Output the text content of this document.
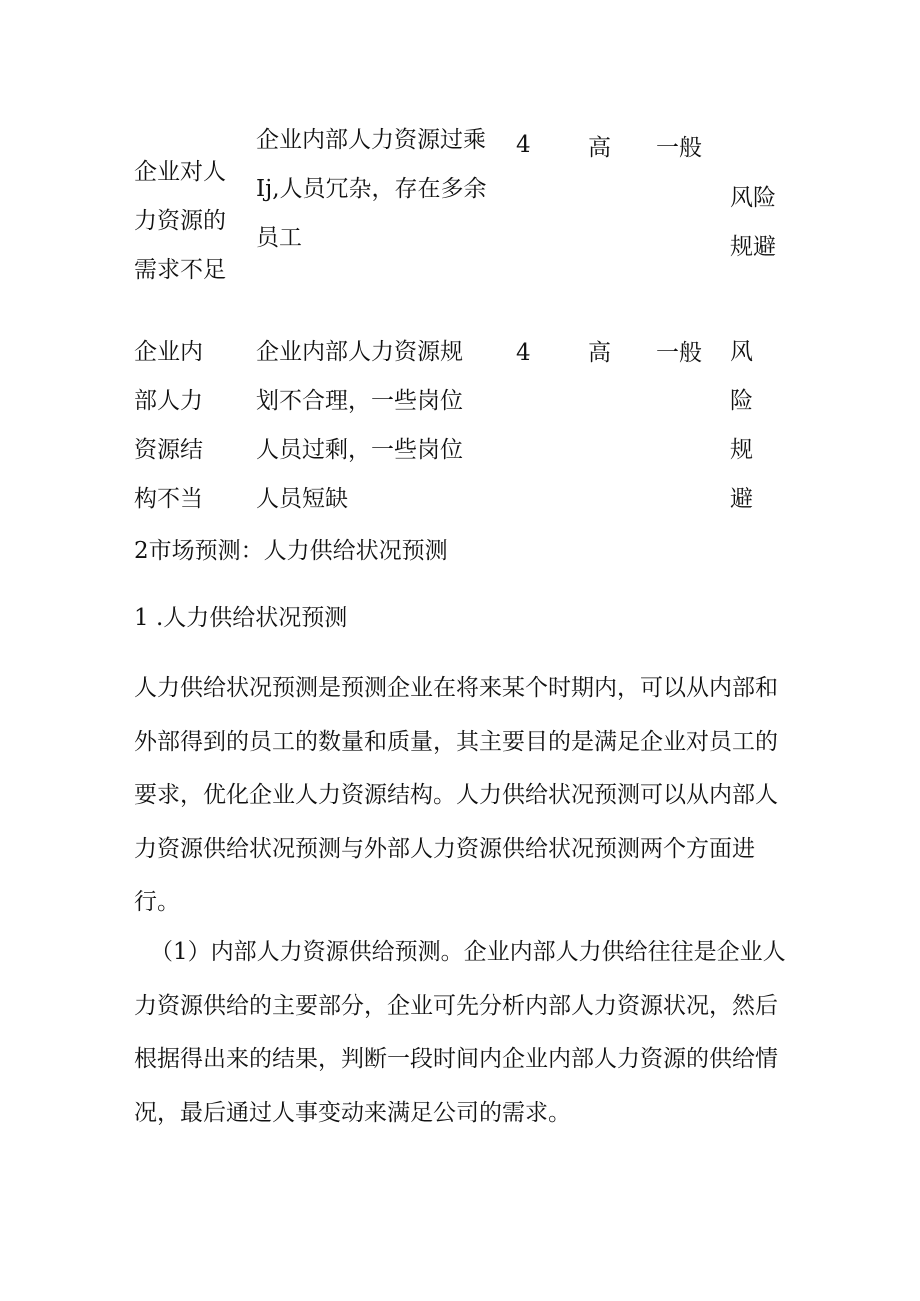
企业对人
力资源的
需求不足
企业内部人力资源过乘
Ij,人员冗杂，存在多余
员工
4 高 一般
风险
规避
企业内
部人力
资源结
构不当
企业内部人力资源规
划不合理，一些岗位
人员过剩，一些岗位
人员短缺
4 高 一般 风
险
规
避
2市场预测：人力供给状况预测
1 .人力供给状况预测
人力供给状况预测是预测企业在将来某个时期内，可以从内部和
外部得到的员工的数量和质量，其主要目的是满足企业对员工的
要求，优化企业人力资源结构。人力供给状况预测可以从内部人
力资源供给状况预测与外部人力资源供给状况预测两个方面进
行。
（1）内部人力资源供给预测。企业内部人力供给往往是企业人
力资源供给的主要部分，企业可先分析内部人力资源状况，然后
根据得出来的结果，判断一段时间内企业内部人力资源的供给情
况，最后通过人事变动来满足公司的需求。
